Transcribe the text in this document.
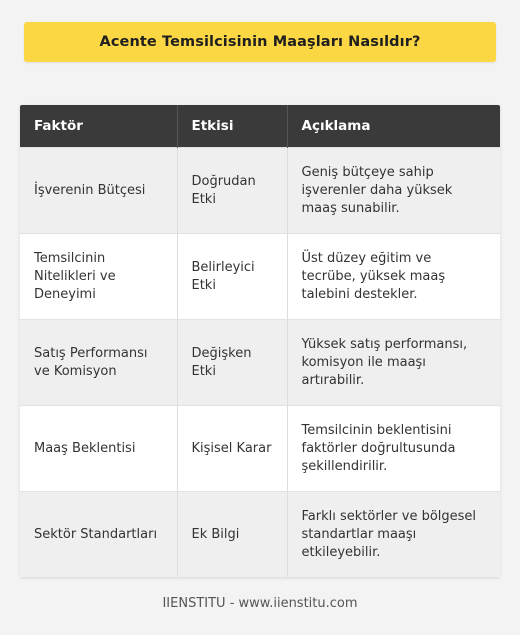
Acente Temsilcisinin Maaşları Nasıldır?
Faktör	Etkisi	Açıklama
İşverenin Bütçesi	Doğrudan Etki	Geniş bütçeye sahip işverenler daha yüksek maaş sunabilir.
Temsilcinin Nitelikleri ve Deneyimi	Belirleyici Etki	Üst düzey eğitim ve tecrübe, yüksek maaş talebini destekler.
Satış Performansı ve Komisyon	Değişken Etki	Yüksek satış performansı, komisyon ile maaşı artırabilir.
Maaş Beklentisi	Kişisel Karar	Temsilcinin beklentisini faktörler doğrultusunda şekillendirilir.
Sektör Standartları	Ek Bilgi	Farklı sektörler ve bölgesel standartlar maaşı etkileyebilir.
IIENSTITU - www.iienstitu.com
